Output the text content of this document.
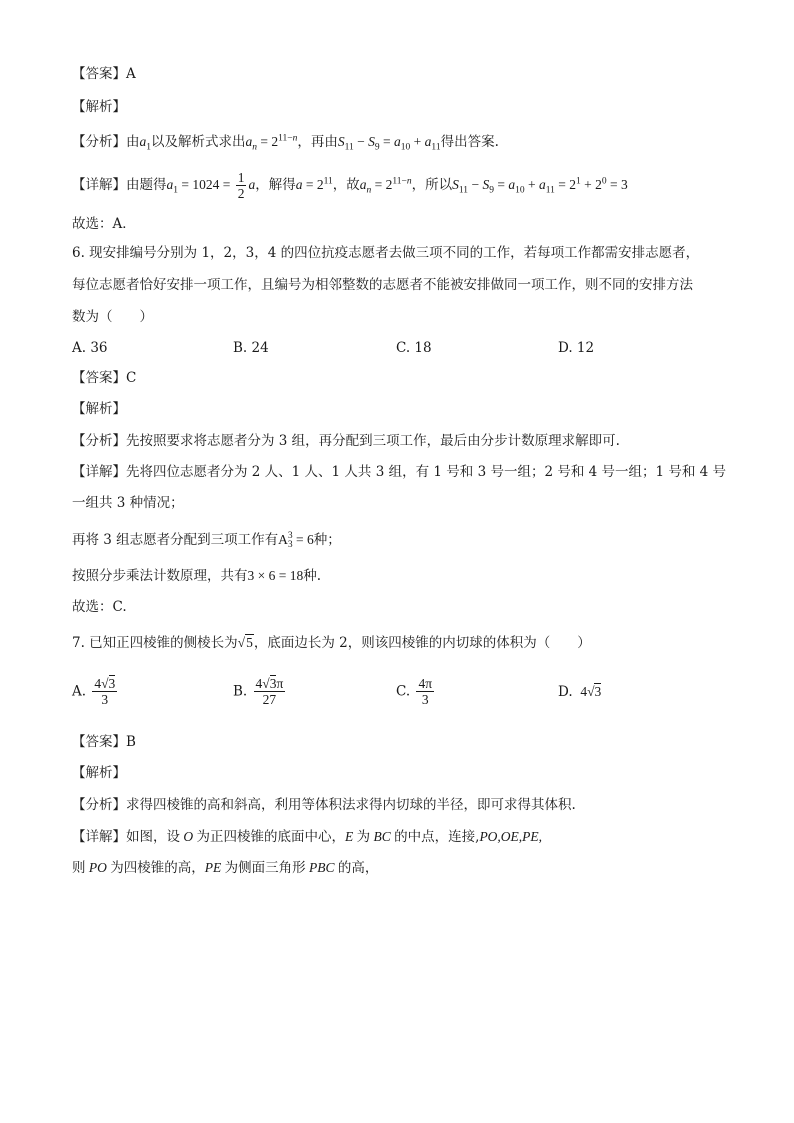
【答案】A
【解析】
【分析】由$a_1$以及解析式求出$a_n = 2^{11-n}$，再由$S_{11} - S_9 = a_{10} + a_{11}$得出答案.
【详解】由题得$a_1 = 1024 = \frac{1}{2}$ a，解得$a = 2^{11}$，故$a_n = 2^{11-n}$，所以$S_{11} - S_9 = a_{10} + a_{11} = 2^1 + 2^0 = 3$
故选：A．
6. 现安排编号分别为 1，2，3，4 的四位抗疫志愿者去做三项不同的工作，若每项工作都需安排志愿者，
每位志愿者恰好安排一项工作，且编号为相邻整数的志愿者不能被安排做同一项工作，则不同的安排方法
数为（　　）
A. 36	B. 24	C. 18	D. 12
【答案】C
【解析】
【分析】先按照要求将志愿者分为 3 组，再分配到三项工作，最后由分步计数原理求解即可.
【详解】先将四位志愿者分为 2 人、1 人、1 人共 3 组，有 1 号和 3 号一组；2 号和 4 号一组；1 号和 4 号
一组共 3 种情况；
再将 3 组志愿者分配到三项工作有A 3
3 = 6种；
按照分步乘法计数原理，共有3 × 6 = 18种.
故选：C.
7. 已知正四棱锥的侧棱长为√5，底面边长为 2，则该四棱锥的内切球的体积为（　　）
A. $\frac{4√3}{3}$	B. $\frac{4√3\pi}{27}$	C. $\frac{4\pi}{3}$	D.  4√3
【答案】B
【解析】
【分析】求得四棱锥的高和斜高，利用等体积法求得内切球的半径，即可求得其体积.
【详解】如图，设 O 为正四棱锥的底面中心，E 为 BC 的中点，连接,PO,OE,PE,
则 PO 为四棱锥的高，PE 为侧面三角形 PBC 的高，
